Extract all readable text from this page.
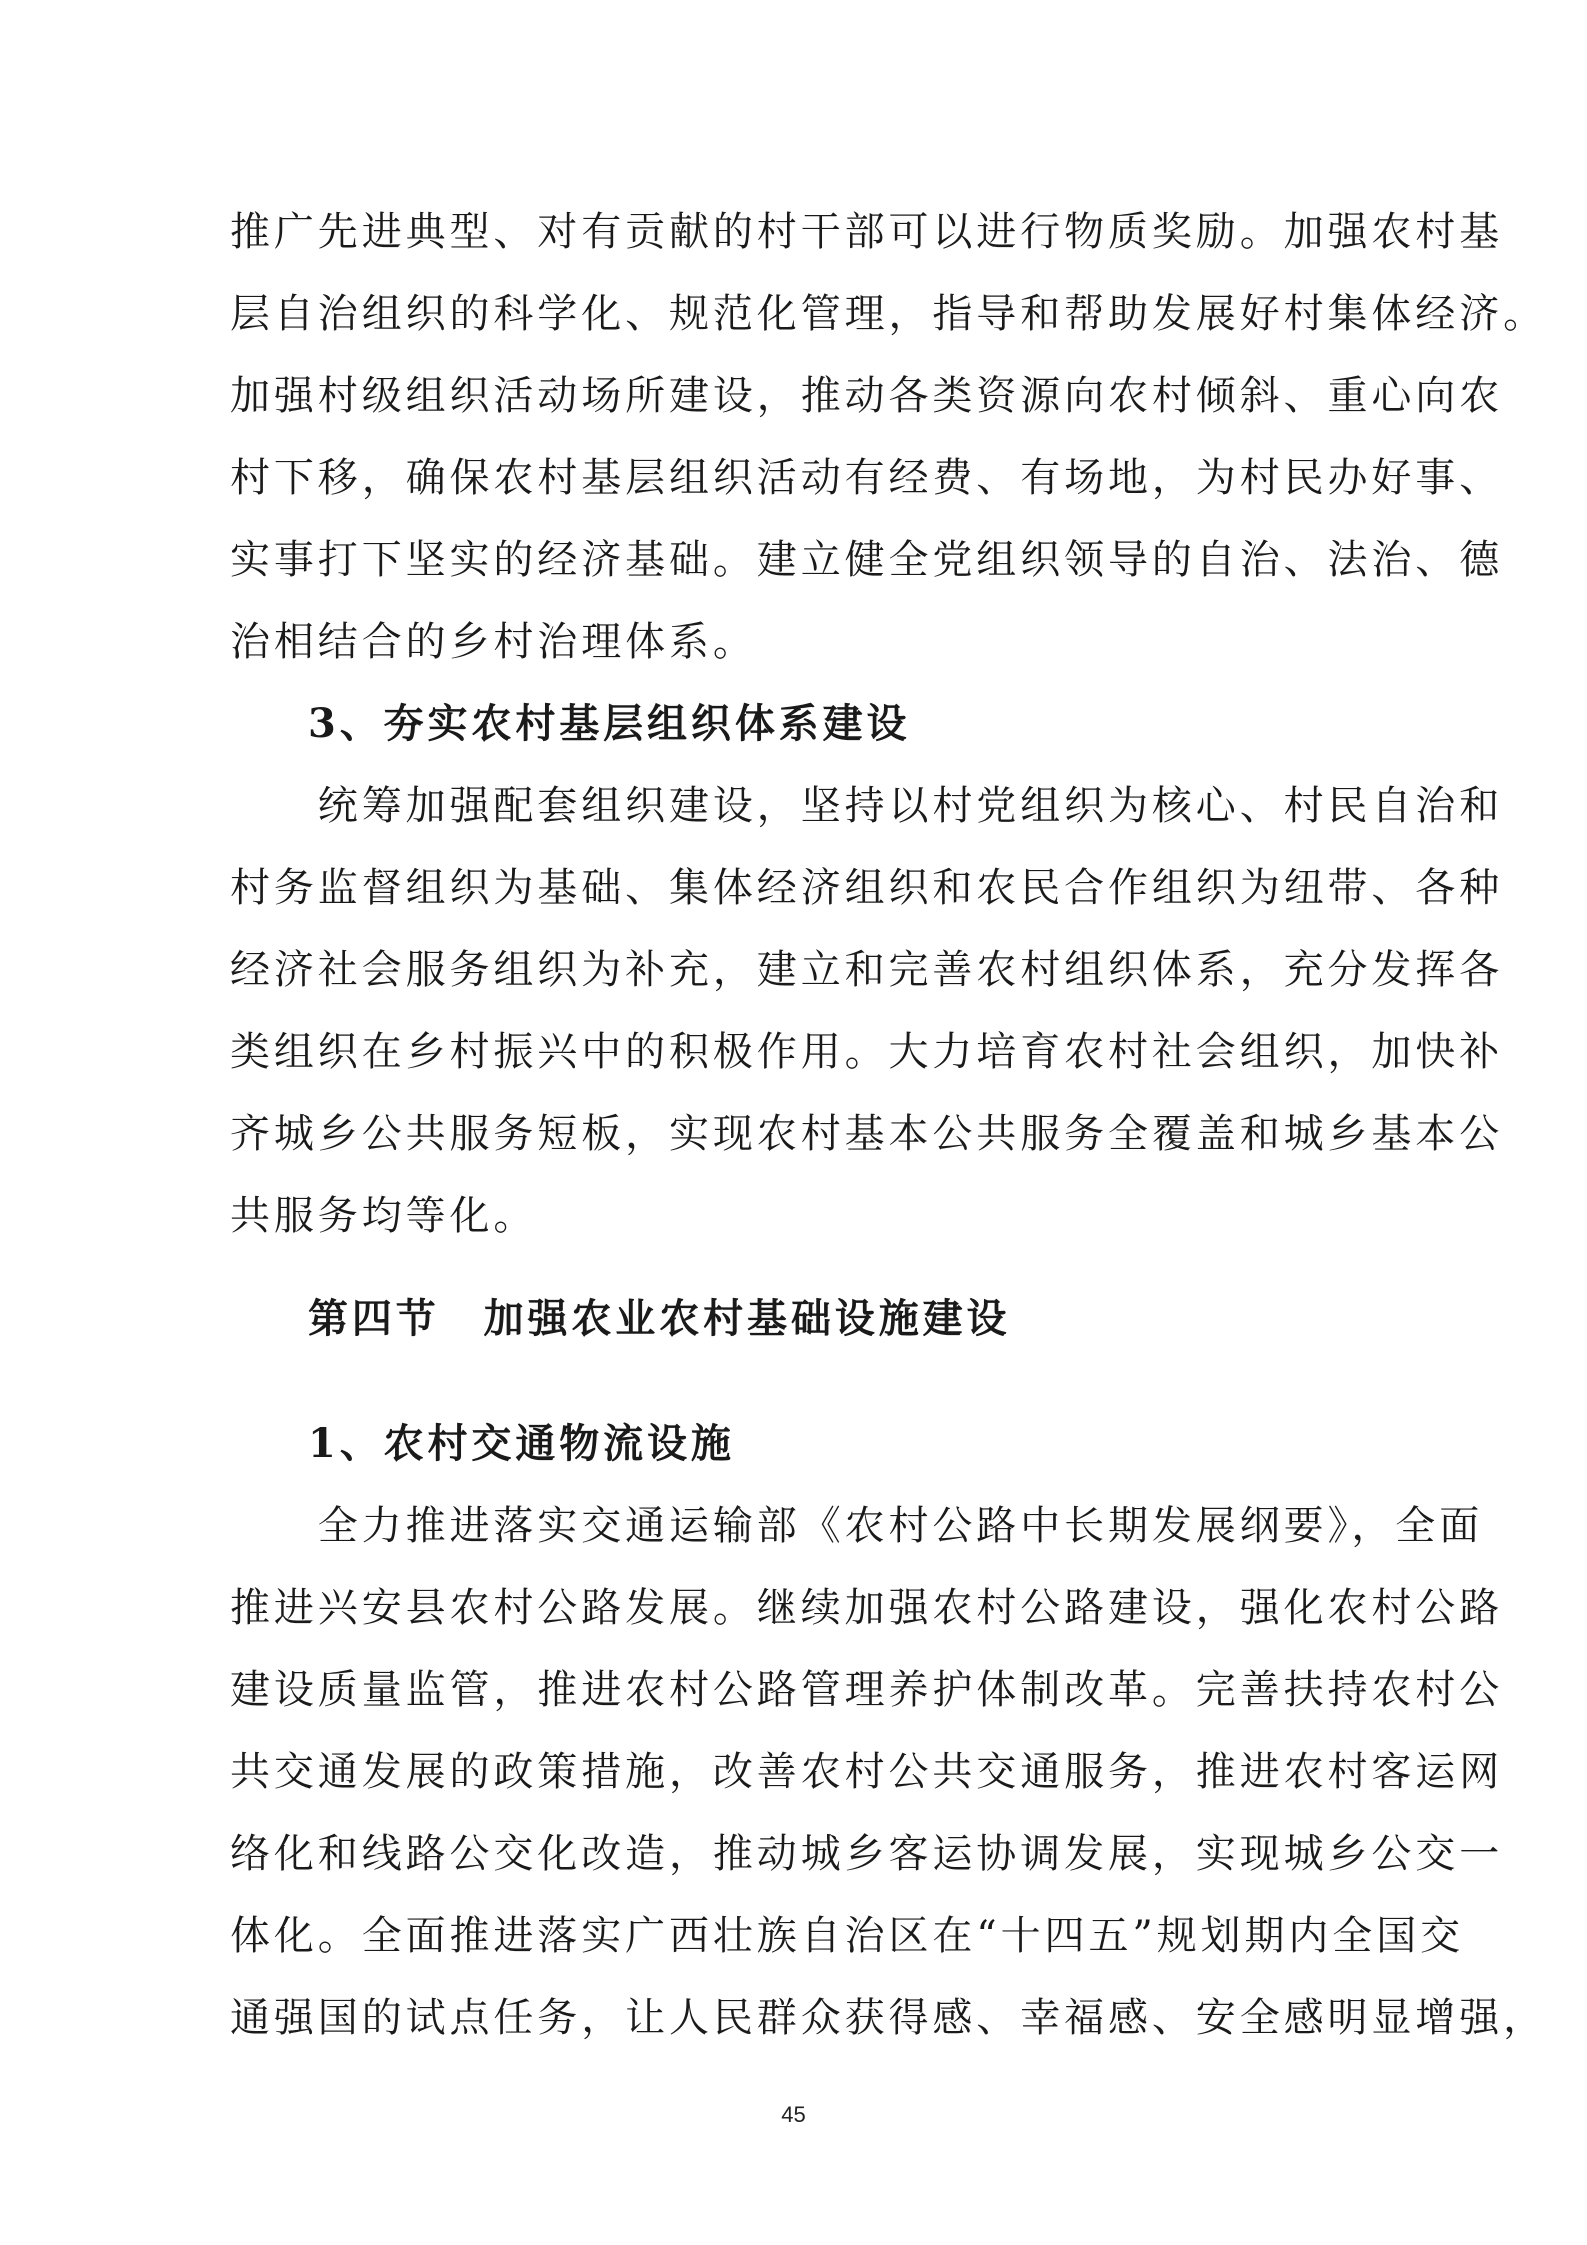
推广先进典型、对有贡献的村干部可以进行物质奖励。加强农村基
层自治组织的科学化、规范化管理，指导和帮助发展好村集体经济。
加强村级组织活动场所建设，推动各类资源向农村倾斜、重心向农
村下移，确保农村基层组织活动有经费、有场地，为村民办好事、
实事打下坚实的经济基础。建立健全党组织领导的自治、法治、德
治相结合的乡村治理体系。

3、夯实农村基层组织体系建设

　　统筹加强配套组织建设，坚持以村党组织为核心、村民自治和
村务监督组织为基础、集体经济组织和农民合作组织为纽带、各种
经济社会服务组织为补充，建立和完善农村组织体系，充分发挥各
类组织在乡村振兴中的积极作用。大力培育农村社会组织，加快补
齐城乡公共服务短板，实现农村基本公共服务全覆盖和城乡基本公
共服务均等化。

第四节　加强农业农村基础设施建设
1、农村交通物流设施

　　全力推进落实交通运输部《农村公路中长期发展纲要》，全面
推进兴安县农村公路发展。继续加强农村公路建设，强化农村公路
建设质量监管，推进农村公路管理养护体制改革。完善扶持农村公
共交通发展的政策措施，改善农村公共交通服务，推进农村客运网
络化和线路公交化改造，推动城乡客运协调发展，实现城乡公交一
体化。全面推进落实广西壮族自治区在“十四五”规划期内全国交
通强国的试点任务，让人民群众获得感、幸福感、安全感明显增强，

45
